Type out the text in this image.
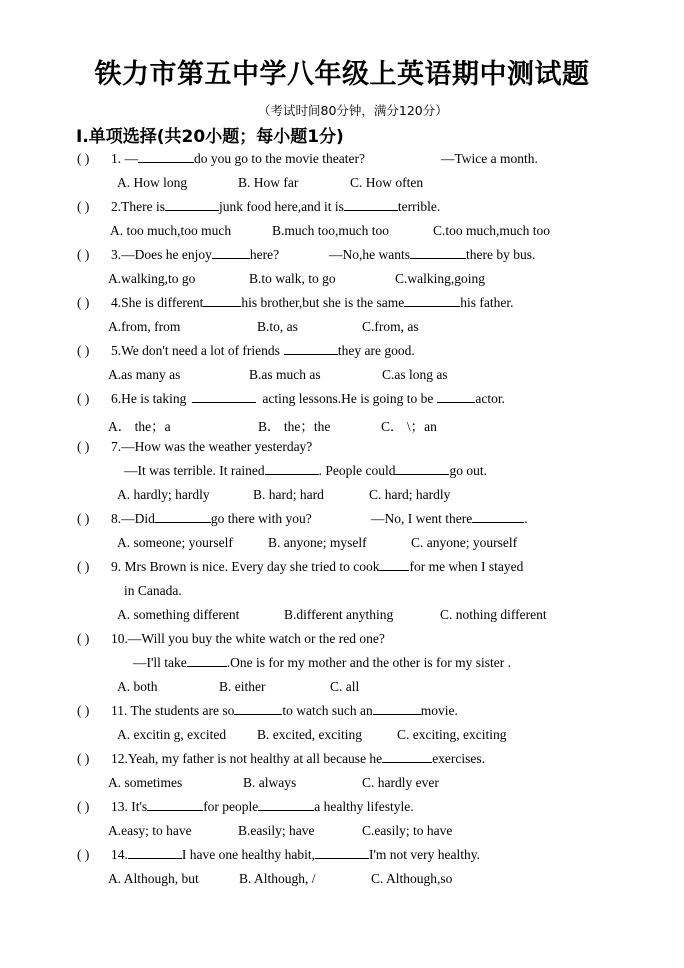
铁力市第五中学八年级上英语期中测试题
（考试时间80分钟，满分120分）
I.单项选择(共20小题；每小题1分)
( ) 1. —	do you go to the movie theater?	—Twice a month.
A. How long	B. How far	C. How often
( ) 2.There is	junk food here,and it is	terrible.
A. too much,too much	B.much too,much too	C.too much,much too
( ) 3.—Does he enjoy	here?	—No,he wants	there by bus.
A.walking,to go	B.to walk, to go	C.walking,going
( ) 4.She is different	his brother,but she is the same	his father.
A.from, from	B.to, as	C.from, as
( ) 5.We don't need a lot of friends	they are good.
A.as many as	B.as much as	C.as long as
( ) 6.He is taking	acting lessons.He is going to be	actor.
A． the；a	B． the；the	C． \；an
( ) 7.—How was the weather yesterday?
—It was terrible. It rained	. People could	go out.
A. hardly; hardly	B. hard; hard	C. hard; hardly
( ) 8.—Did	go there with you?	—No, I went there	.
A. someone; yourself	B. anyone; myself	C. anyone; yourself
( ) 9. Mrs Brown is nice. Every day she tried to cook for me when I stayed
in Canada.
A. something different	B.different anything	C. nothing different
( ) 10.—Will you buy the white watch or the red one?
—I'll take	.One is for my mother and the other is for my sister .
A. both	B. either	C. all
( ) 11. The students are so	to watch such an	movie.
A. excitin g, excited B. excited, exciting	C. exciting, exciting
( ) 12.Yeah, my father is not healthy at all because he	exercises.
A. sometimes	B. always	C. hardly ever
( ) 13. It's	for people	a healthy lifestyle.
A.easy; to have	B.easily; have	C.easily; to have
( ) 14.	I have one healthy habit,	I'm not very healthy.
A. Although, but	B. Although, /	C. Although,so
